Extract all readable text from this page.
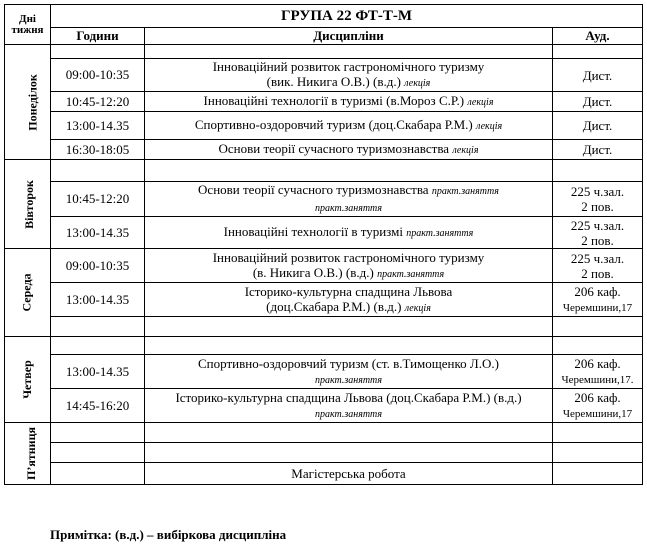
Дні тижня	ГРУПА 22 ФТ-Т-М		
	Години	Дисципліни	Ауд.
Понеділок			
	09:00-10:35	Інноваційний розвиток гастрономічного туризму
(вик. Никига О.В.) (в.д.) лекція	Дист.
	10:45-12:20	Інноваційні технології в туризмі (в.Мороз С.Р.) лекція	Дист.
	13:00-14.35	Спортивно-оздоровчий туризм (доц.Скабара Р.М.) лекція	Дист.
	16:30-18:05	Основи теорії сучасного туризмознавства лекція	Дист.
Вівторок			
	10:45-12:20	Основи теорії сучасного туризмознавства практ.заняття
практ.заняття	225 ч.зал.
2 пов.
	13:00-14.35	Інноваційні технології в туризмі практ.заняття	225 ч.зал.
2 пов.
Середа	09:00-10:35	Інноваційний розвиток гастрономічного туризму
(в. Никига О.В.) (в.д.) практ.заняття	225 ч.зал.
2 пов.
	13:00-14.35	Історико-культурна спадщина Львова
(доц.Скабара Р.М.) (в.д.) лекція	206 каф.
Черемшини,17

Четвер			
	13:00-14.35	Спортивно-оздоровчий туризм (ст. в.Тимощенко Л.О.)
практ.заняття	206 каф.
Черемшини,17.
	14:45-16:20	Історико-культурна спадщина Львова (доц.Скабара Р.М.) (в.д.)
практ.заняття	206 каф.
Черемшини,17
П’ятниця			

		Магістерська робота	
Примітка: (в.д.) – вибіркова дисципліна
